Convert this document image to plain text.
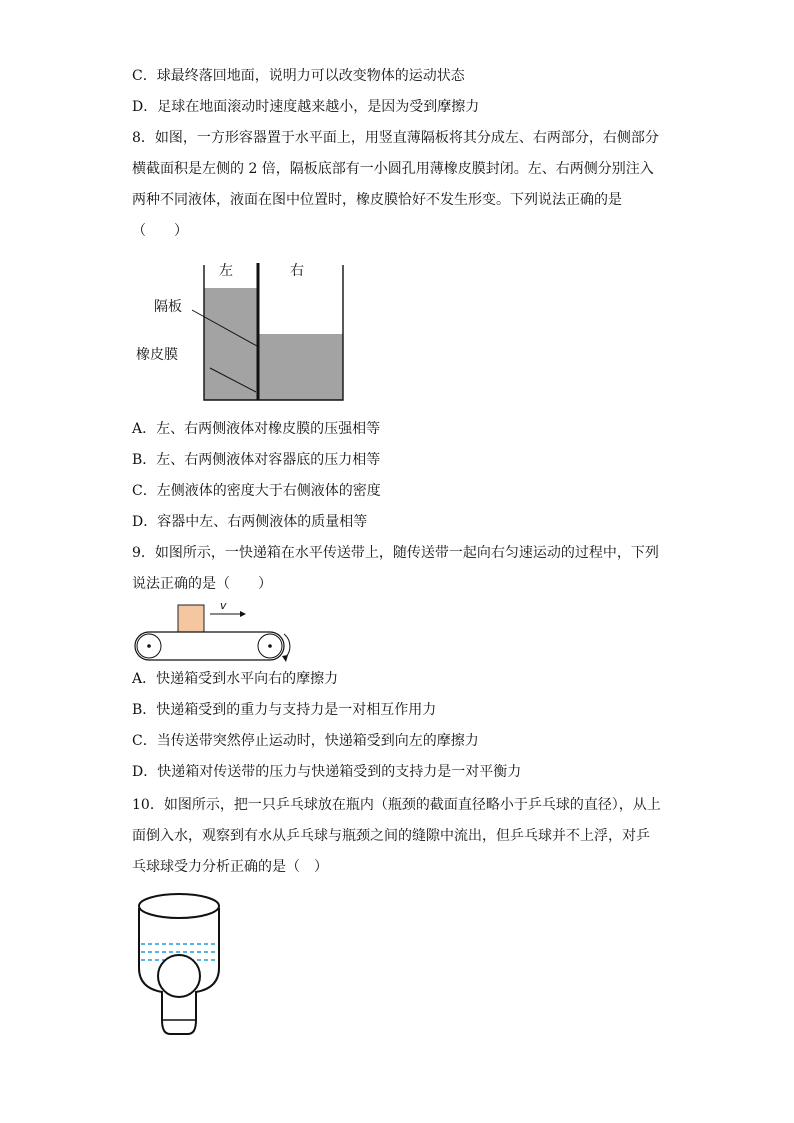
C．球最终落回地面，说明力可以改变物体的运动状态
D．足球在地面滚动时速度越来越小，是因为受到摩擦力
8．如图，一方形容器置于水平面上，用竖直薄隔板将其分成左、右两部分，右侧部分
横截面积是左侧的 2 倍，隔板底部有一小圆孔用薄橡皮膜封闭。左、右两侧分别注入
两种不同液体，液面在图中位置时，橡皮膜恰好不发生形变。下列说法正确的是
（　　）
左	右
隔板
橡皮膜
A．左、右两侧液体对橡皮膜的压强相等
B．左、右两侧液体对容器底的压力相等
C．左侧液体的密度大于右侧液体的密度
D．容器中左、右两侧液体的质量相等
9．如图所示，一快递箱在水平传送带上，随传送带一起向右匀速运动的过程中，下列
说法正确的是（　　）
v
A．快递箱受到水平向右的摩擦力
B．快递箱受到的重力与支持力是一对相互作用力
C．当传送带突然停止运动时，快递箱受到向左的摩擦力
D．快递箱对传送带的压力与快递箱受到的支持力是一对平衡力
10．如图所示，把一只乒乓球放在瓶内（瓶颈的截面直径略小于乒乓球的直径），从上
面倒入水，观察到有水从乒乓球与瓶颈之间的缝隙中流出，但乒乓球并不上浮，对乒
乓球球受力分析正确的是（　）
